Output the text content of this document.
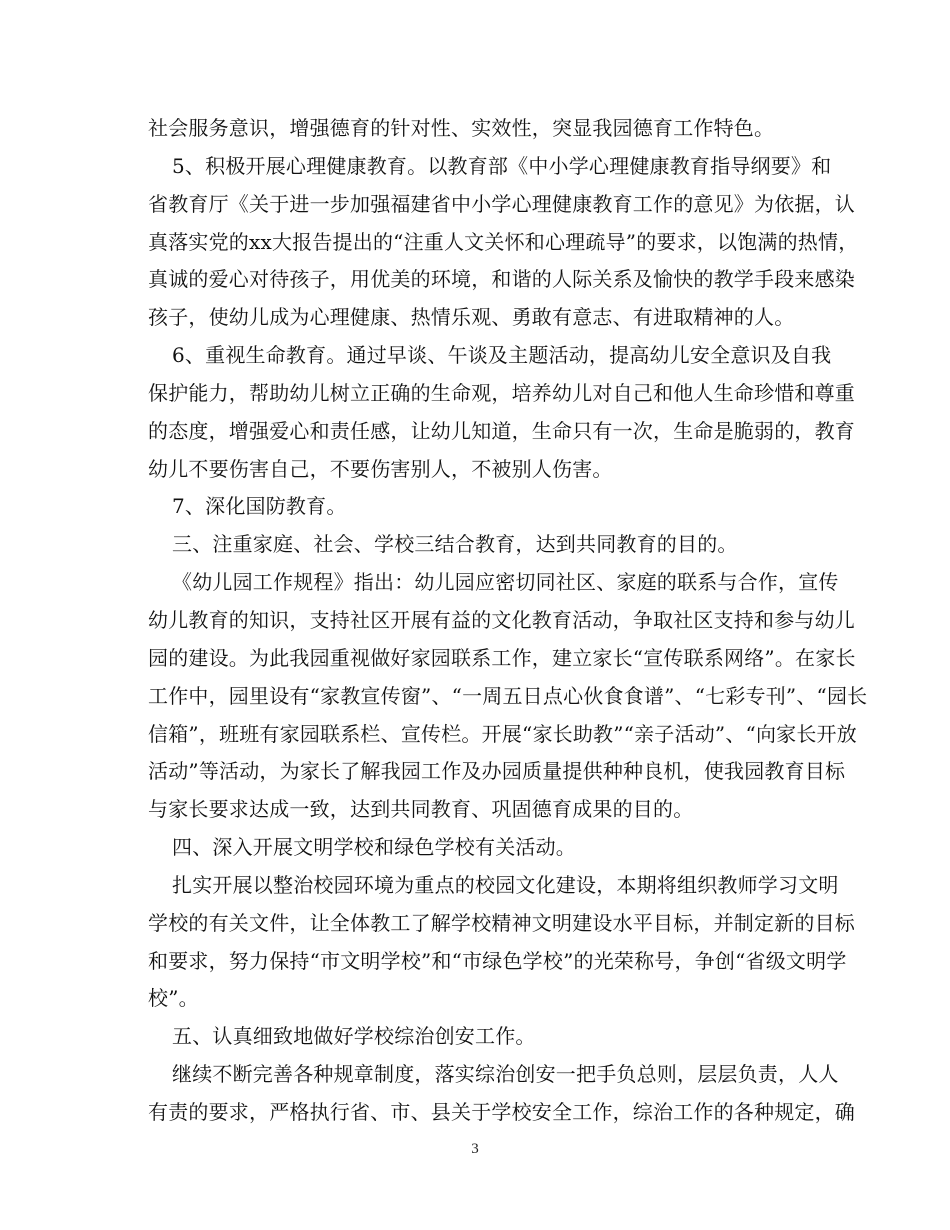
社会服务意识，增强德育的针对性、实效性，突显我园德育工作特色。
5、积极开展心理健康教育。以教育部《中小学心理健康教育指导纲要》和
省教育厅《关于进一步加强福建省中小学心理健康教育工作的意见》为依据，认
真落实党的xx大报告提出的“注重人文关怀和心理疏导”的要求，以饱满的热情，
真诚的爱心对待孩子，用优美的环境，和谐的人际关系及愉快的教学手段来感染
孩子，使幼儿成为心理健康、热情乐观、勇敢有意志、有进取精神的人。
6、重视生命教育。通过早谈、午谈及主题活动，提高幼儿安全意识及自我
保护能力，帮助幼儿树立正确的生命观，培养幼儿对自己和他人生命珍惜和尊重
的态度，增强爱心和责任感，让幼儿知道，生命只有一次，生命是脆弱的，教育
幼儿不要伤害自己，不要伤害别人，不被别人伤害。
7、深化国防教育。
三、注重家庭、社会、学校三结合教育，达到共同教育的目的。
《幼儿园工作规程》指出：幼儿园应密切同社区、家庭的联系与合作，宣传
幼儿教育的知识，支持社区开展有益的文化教育活动，争取社区支持和参与幼儿
园的建设。为此我园重视做好家园联系工作，建立家长“宣传联系网络”。在家长
工作中，园里设有“家教宣传窗”、“一周五日点心伙食食谱”、“七彩专刊”、“园长
信箱”，班班有家园联系栏、宣传栏。开展“家长助教”“亲子活动”、“向家长开放
活动”等活动，为家长了解我园工作及办园质量提供种种良机，使我园教育目标
与家长要求达成一致，达到共同教育、巩固德育成果的目的。
四、深入开展文明学校和绿色学校有关活动。
扎实开展以整治校园环境为重点的校园文化建设，本期将组织教师学习文明
学校的有关文件，让全体教工了解学校精神文明建设水平目标，并制定新的目标
和要求，努力保持“市文明学校”和“市绿色学校”的光荣称号，争创“省级文明学
校”。
五、认真细致地做好学校综治创安工作。
继续不断完善各种规章制度，落实综治创安一把手负总则，层层负责，人人
有责的要求，严格执行省、市、县关于学校安全工作，综治工作的各种规定，确
3
